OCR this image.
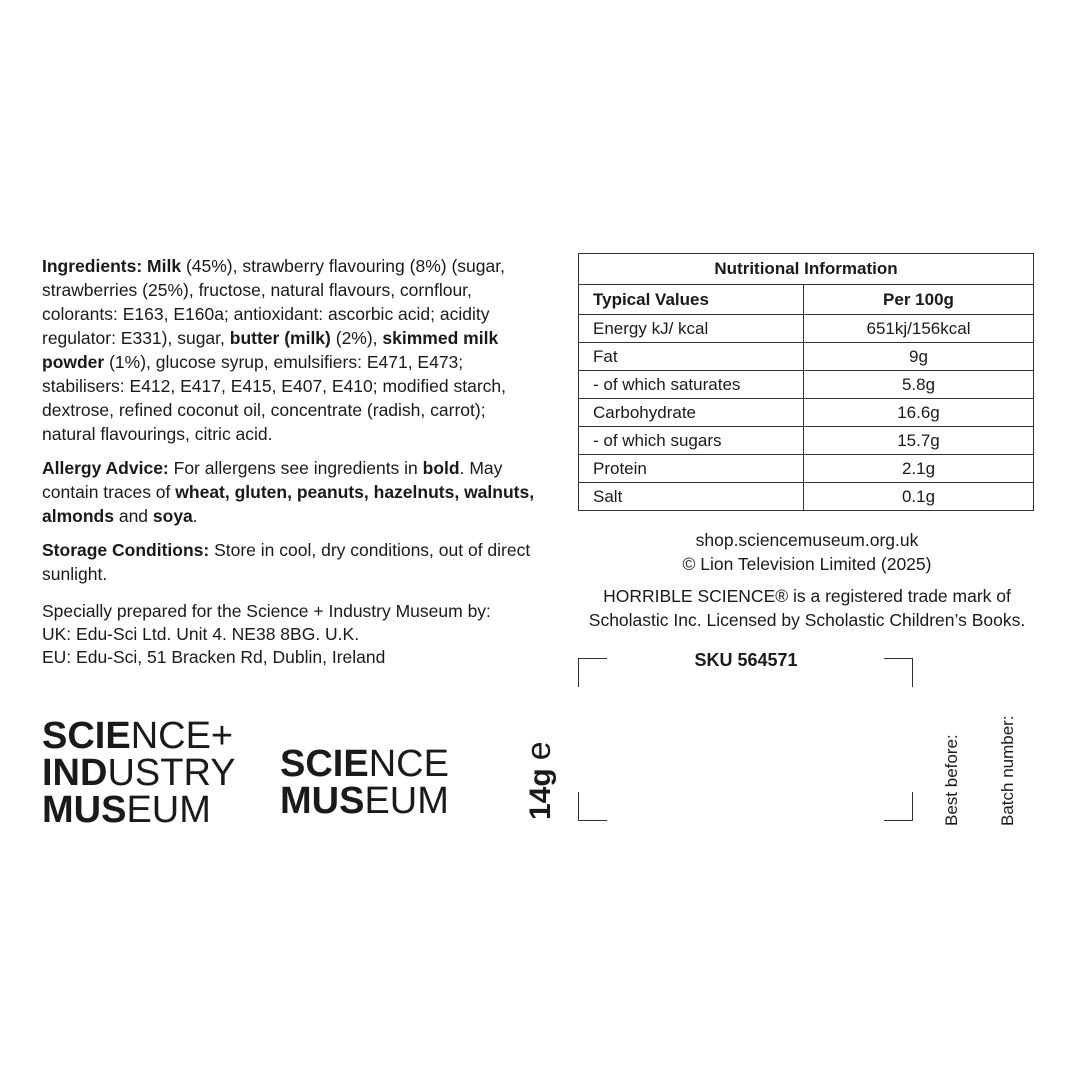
Ingredients: Milk (45%), strawberry flavouring (8%) (sugar, strawberries (25%), fructose, natural flavours, cornflour, colorants: E163, E160a; antioxidant: ascorbic acid; acidity regulator: E331), sugar, butter (milk) (2%), skimmed milk powder (1%), glucose syrup, emulsifiers: E471, E473; stabilisers: E412, E417, E415, E407, E410; modified starch, dextrose, refined coconut oil, concentrate (radish, carrot); natural flavourings, citric acid.

Allergy Advice: For allergens see ingredients in bold. May contain traces of wheat, gluten, peanuts, hazelnuts, walnuts, almonds and soya.

Storage Conditions: Store in cool, dry conditions, out of direct sunlight.

Specially prepared for the Science + Industry Museum by:
UK: Edu-Sci Ltd. Unit 4. NE38 8BG. U.K.
EU: Edu-Sci, 51 Bracken Rd, Dublin, Ireland
SCIENCE+
INDUSTRY
MUSEUM
SCIENCE
MUSEUM	14ge
Nutritional Information	
Typical Values	Per 100g
Energy kJ/ kcal	651kj/156kcal
Fat	9g
- of which saturates	5.8g
Carbohydrate	16.6g
- of which sugars	15.7g
Protein	2.1g
Salt	0.1g
shop.sciencemuseum.org.uk
© Lion Television Limited (2025)
HORRIBLE SCIENCE® is a registered trade mark of
Scholastic Inc. Licensed by Scholastic Children’s Books.
SKU 564571
Best before: Batch number:
